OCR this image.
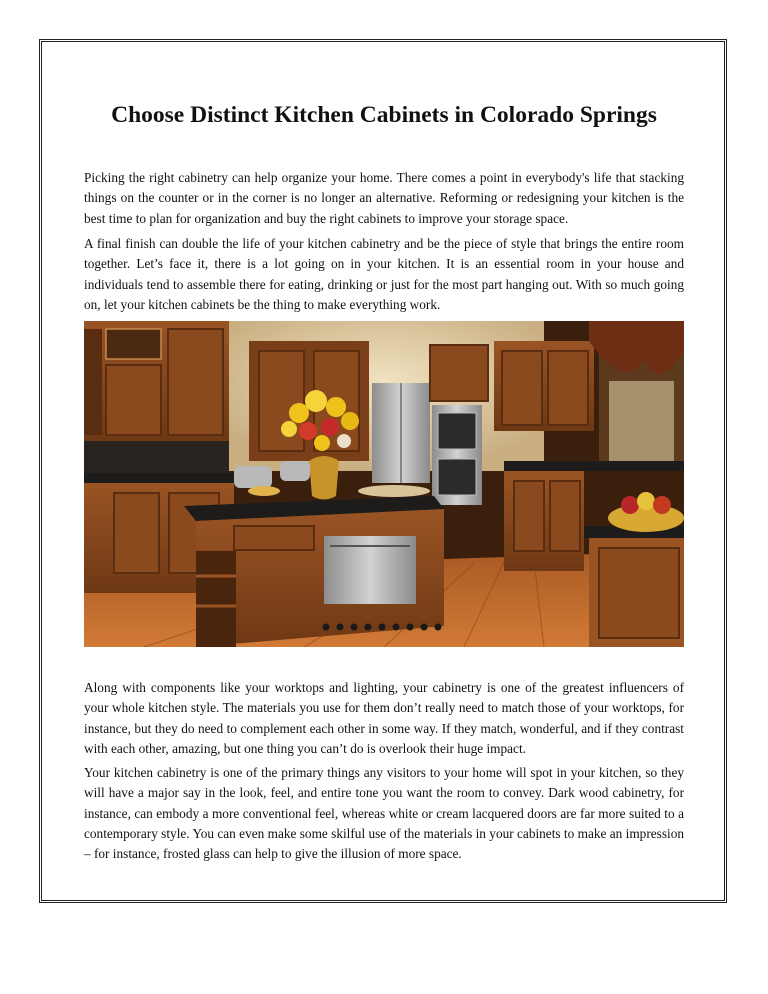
Choose Distinct Kitchen Cabinets in Colorado Springs

Picking the right cabinetry can help organize your home. There comes a point in everybody's life that stacking things on the counter or in the corner is no longer an alternative. Reforming or redesigning your kitchen is the best time to plan for organization and buy the right cabinets to improve your storage space.

A final finish can double the life of your kitchen cabinetry and be the piece of style that brings the entire room together. Let’s face it, there is a lot going on in your kitchen. It is an essential room in your house and individuals tend to assemble there for eating, drinking or just for the most part hanging out. With so much going on, let your kitchen cabinets be the thing to make everything work.

Along with components like your worktops and lighting, your cabinetry is one of the greatest influencers of your whole kitchen style. The materials you use for them don’t really need to match those of your worktops, for instance, but they do need to complement each other in some way. If they match, wonderful, and if they contrast with each other, amazing, but one thing you can’t do is overlook their huge impact.

Your kitchen cabinetry is one of the primary things any visitors to your home will spot in your kitchen, so they will have a major say in the look, feel, and entire tone you want the room to convey. Dark wood cabinetry, for instance, can embody a more conventional feel, whereas white or cream lacquered doors are far more suited to a contemporary style. You can even make some skilful use of the materials in your cabinets to make an impression – for instance, frosted glass can help to give the illusion of more space.
